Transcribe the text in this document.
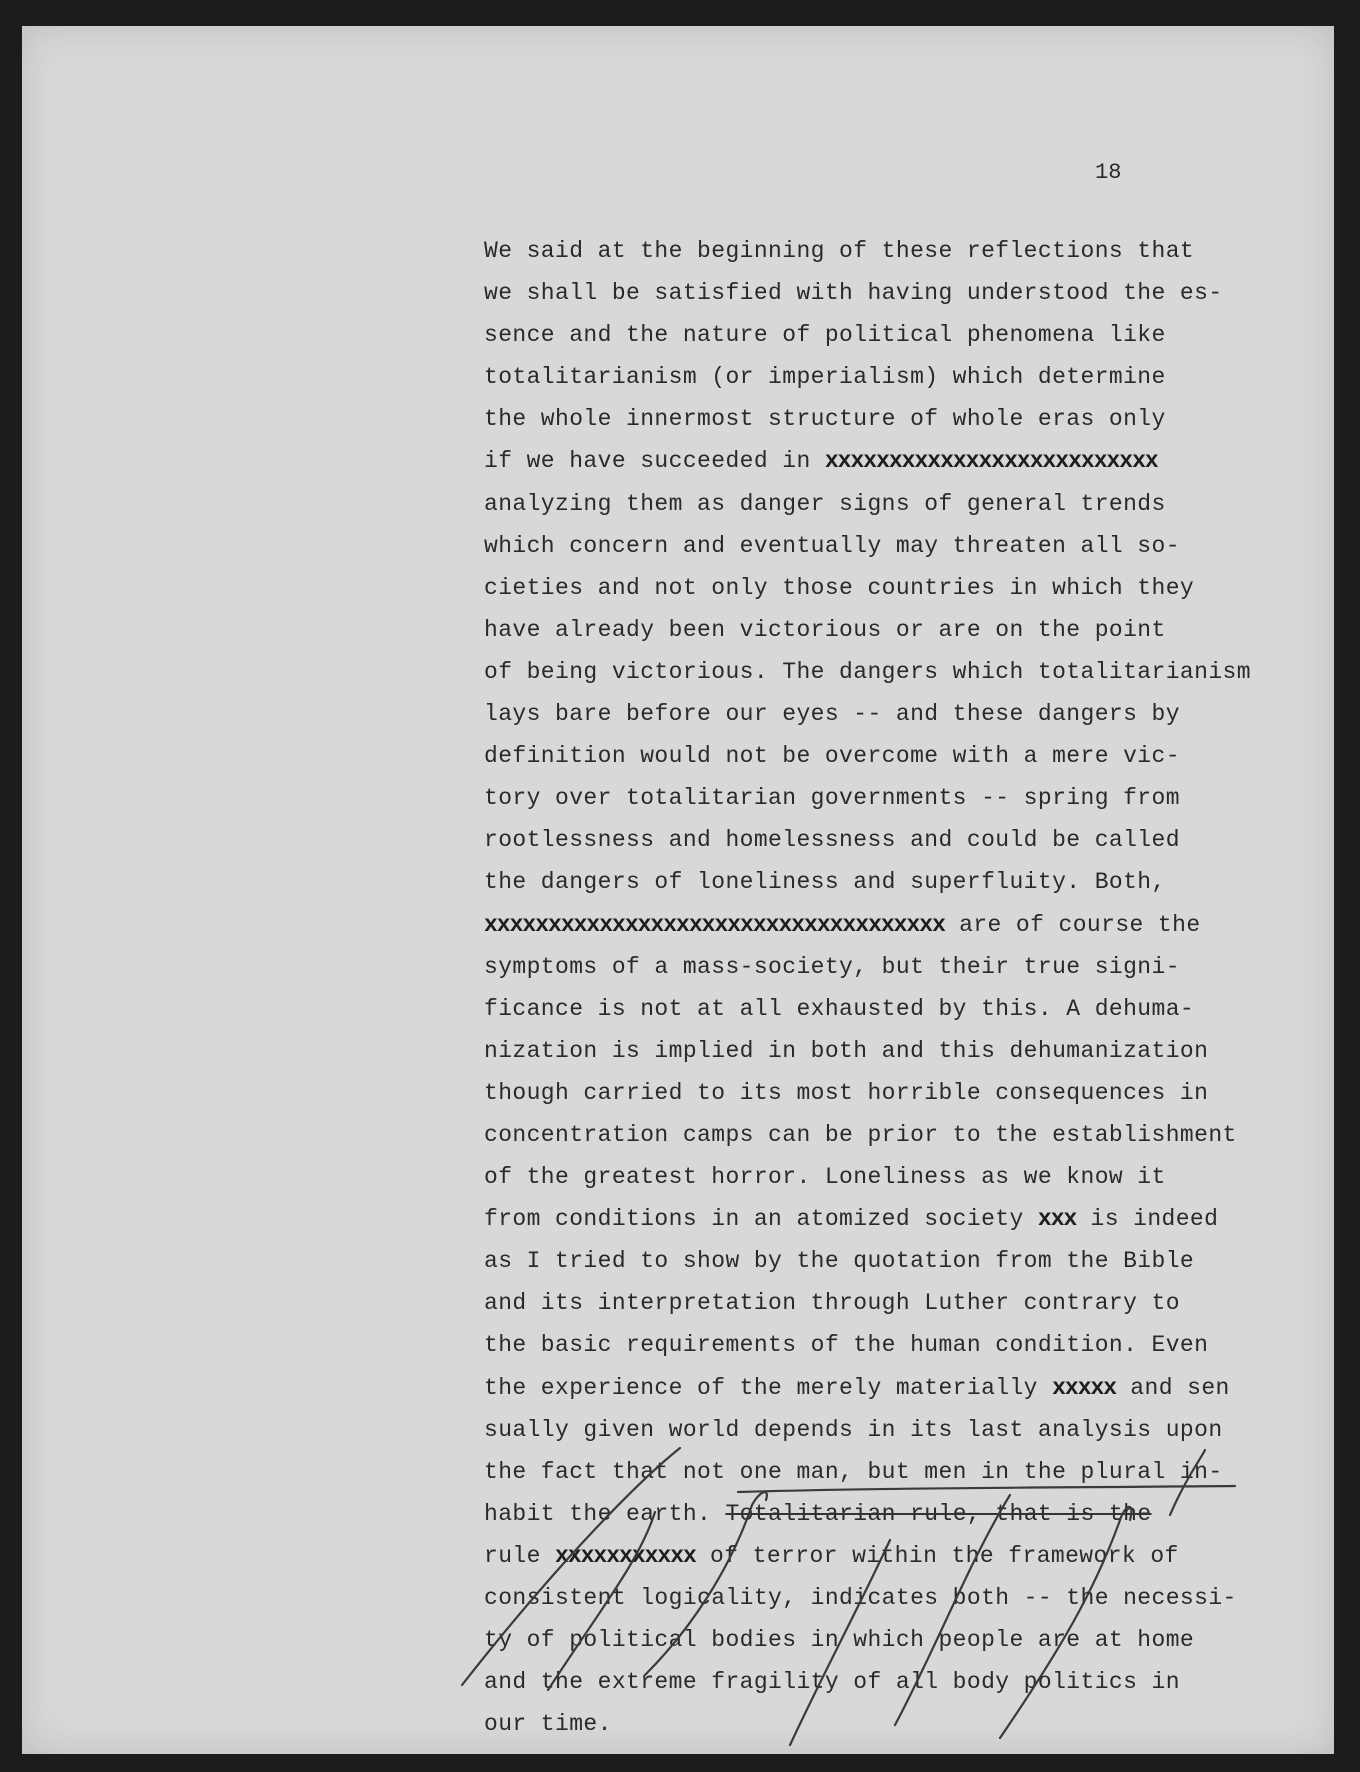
18
We said at the beginning of these reflections that
we shall be satisfied with having understood the es-
sence and the nature of political phenomena like
totalitarianism (or imperialism) which determine
the whole innermost structure of whole eras only
if we have succeeded in xxxxxxxxxxxxxxxxxxxxxxxxxx
analyzing them as danger signs of general trends
which concern and eventually may threaten all so-
cieties and not only those countries in which they
have already been victorious or are on the point
of being victorious. The dangers which totalitarianism
lays bare before our eyes -- and these dangers by
definition would not be overcome with a mere vic-
tory over totalitarian governments -- spring from
rootlessness and homelessness and could be called
the dangers of loneliness and superfluity. Both,
xxxxxxxxxxxxxxxxxxxxxxxxxxxxxxxxxxxx are of course the
symptoms of a mass-society, but their true signi-
ficance is not at all exhausted by this. A dehuma-
nization is implied in both and this dehumanization
though carried to its most horrible consequences in
concentration camps can be prior to the establishment
of the greatest horror. Loneliness as we know it
from conditions in an atomized society xxx is indeed
as I tried to show by the quotation from the Bible
and its interpretation through Luther contrary to
the basic requirements of the human condition. Even
the experience of the merely materially xxxxx and sen
sually given world depends in its last analysis upon
the fact that not one man, but men in the plural in-
habit the earth. Totalitarian rule, that is the
rule xxxxxxxxxxx of terror within the framework of
consistent logicality, indicates both -- the necessi-
ty of political bodies in which people are at home
and the extreme fragility of all body politics in
our time.
